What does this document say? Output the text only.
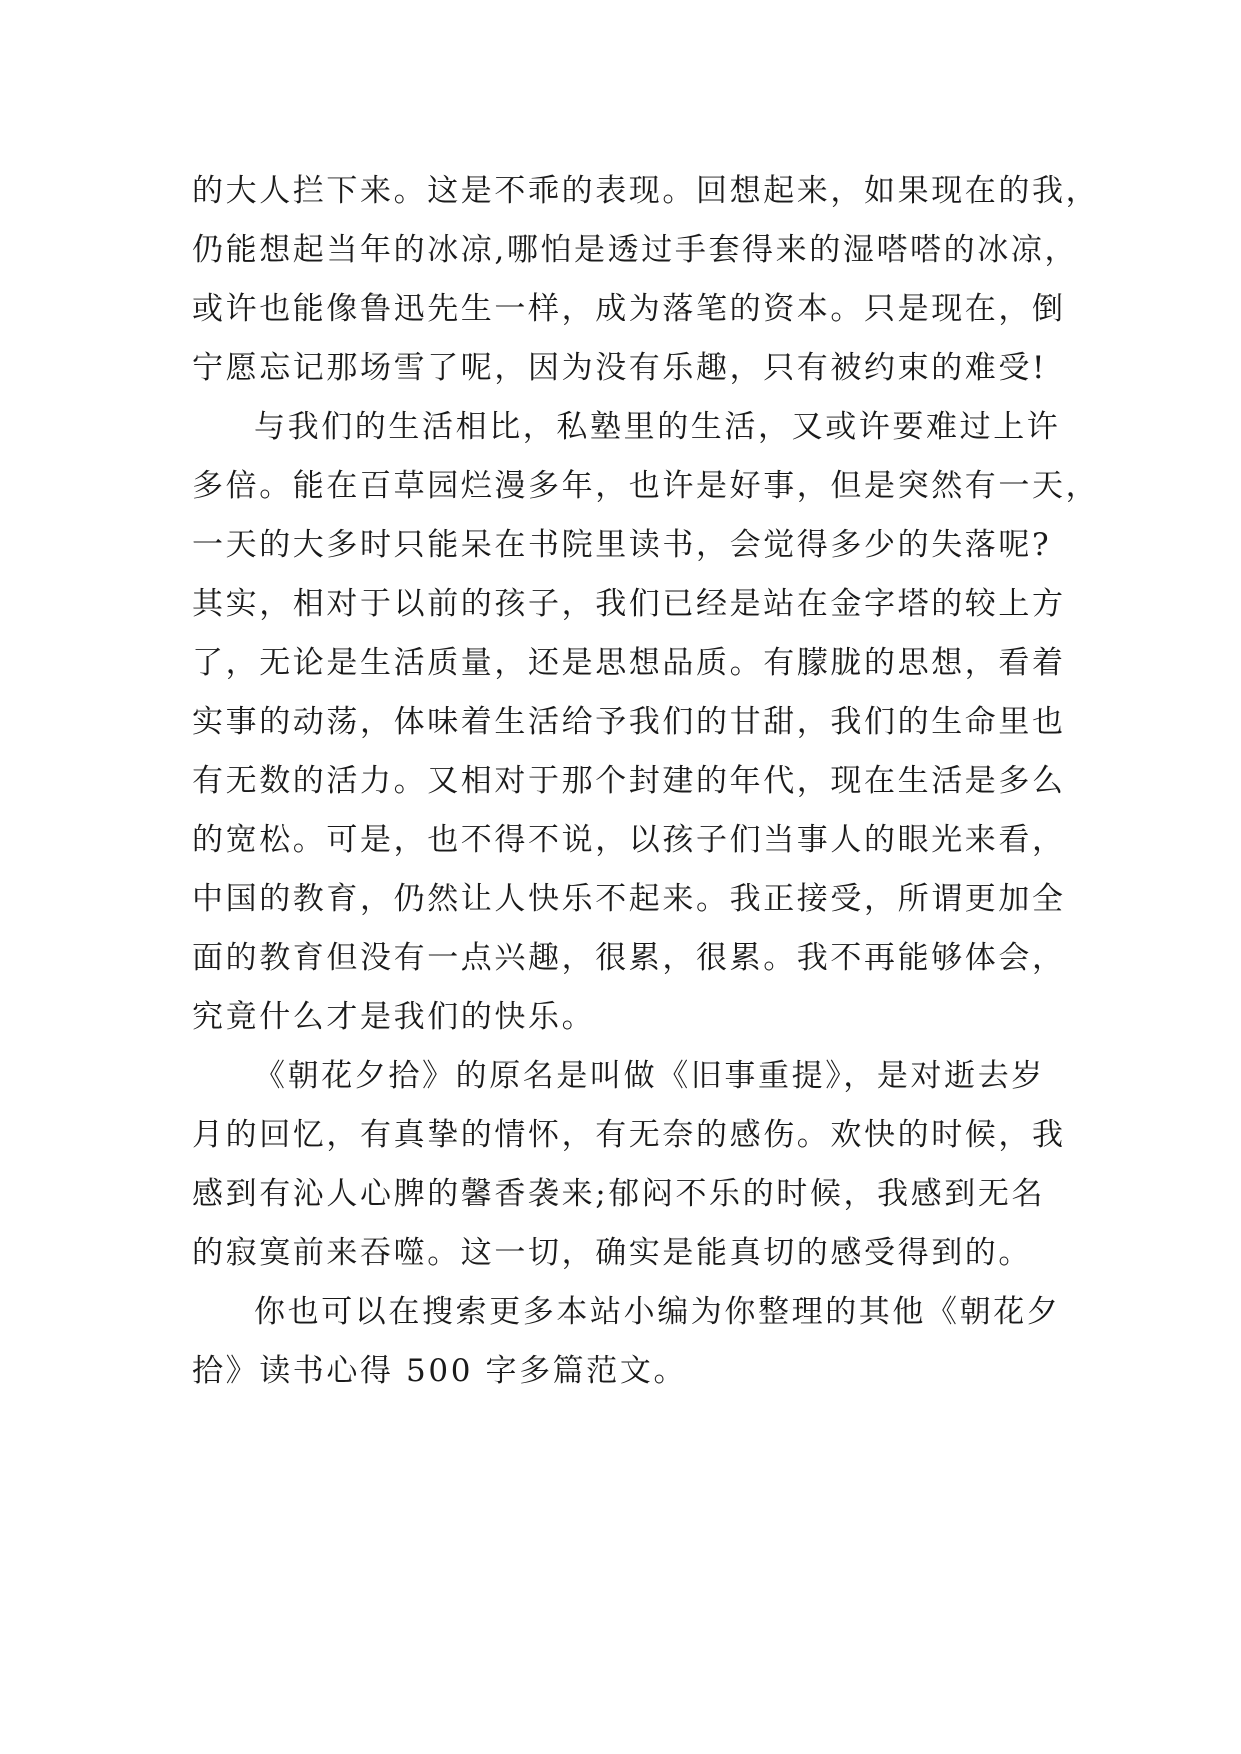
的大人拦下来。这是不乖的表现。回想起来，如果现在的我，
仍能想起当年的冰凉,哪怕是透过手套得来的湿嗒嗒的冰凉，
或许也能像鲁迅先生一样，成为落笔的资本。只是现在，倒
宁愿忘记那场雪了呢，因为没有乐趣，只有被约束的难受!
与我们的生活相比，私塾里的生活，又或许要难过上许
多倍。能在百草园烂漫多年，也许是好事，但是突然有一天，
一天的大多时只能呆在书院里读书，会觉得多少的失落呢?
其实，相对于以前的孩子，我们已经是站在金字塔的较上方
了，无论是生活质量，还是思想品质。有朦胧的思想，看着
实事的动荡，体味着生活给予我们的甘甜，我们的生命里也
有无数的活力。又相对于那个封建的年代，现在生活是多么
的宽松。可是，也不得不说，以孩子们当事人的眼光来看，
中国的教育，仍然让人快乐不起来。我正接受，所谓更加全
面的教育但没有一点兴趣，很累，很累。我不再能够体会，
究竟什么才是我们的快乐。
《朝花夕拾》的原名是叫做《旧事重提》，是对逝去岁
月的回忆，有真挚的情怀，有无奈的感伤。欢快的时候，我
感到有沁人心脾的馨香袭来;郁闷不乐的时候，我感到无名
的寂寞前来吞噬。这一切，确实是能真切的感受得到的。
你也可以在搜索更多本站小编为你整理的其他《朝花夕
拾》读书心得 500 字多篇范文。
